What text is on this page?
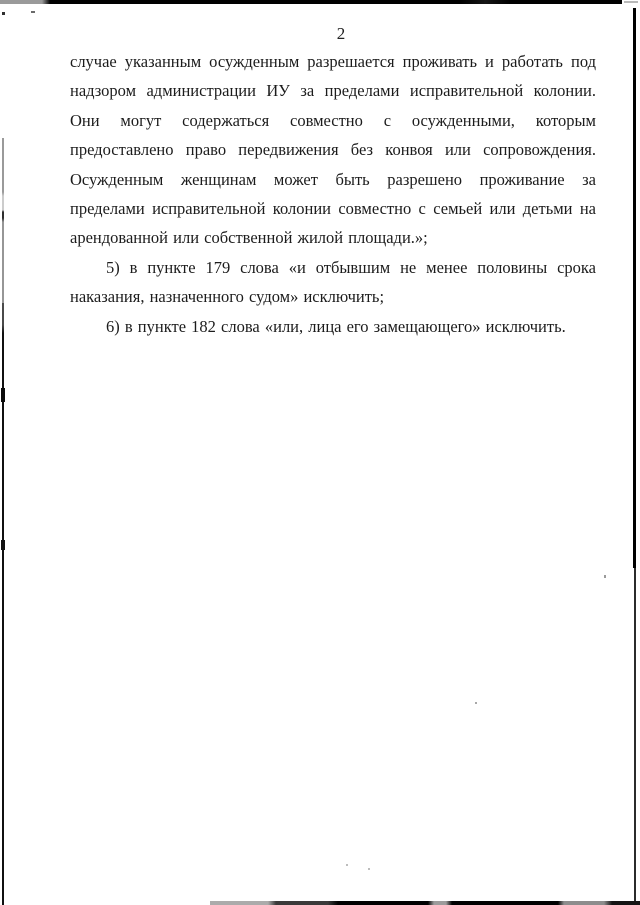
2

случае указанным осужденным разрешается проживать и работать под надзором администрации ИУ за пределами исправительной колонии. Они могут содержаться совместно с осужденными, которым предоставлено право передвижения без конвоя или сопровождения. Осужденным женщинам может быть разрешено проживание за пределами исправительной колонии совместно с семьей или детьми на арендованной или собственной жилой площади.»;

5) в пункте 179 слова «и отбывшим не менее половины срока наказания, назначенного судом» исключить;

6) в пункте 182 слова «или, лица его замещающего» исключить.
